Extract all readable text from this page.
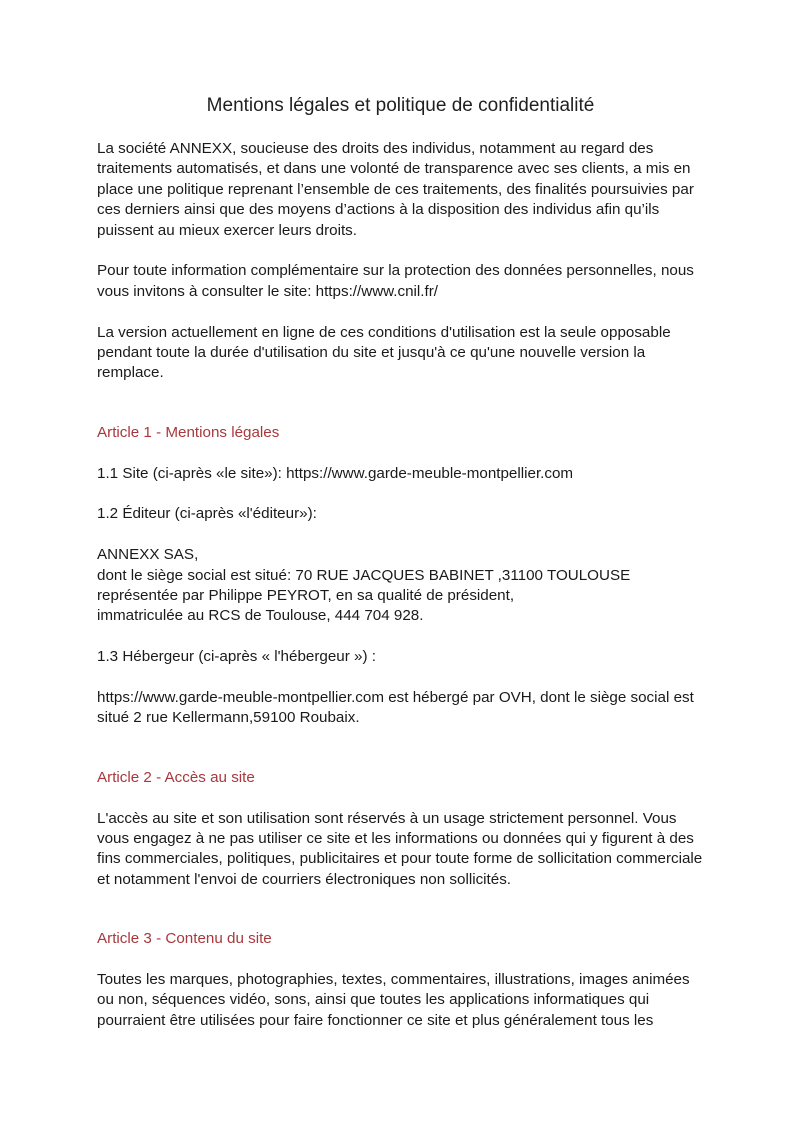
Mentions légales et politique de confidentialité

La société ANNEXX, soucieuse des droits des individus, notamment au regard des traitements automatisés, et dans une volonté de transparence avec ses clients, a mis en place une politique reprenant l’ensemble de ces traitements, des finalités poursuivies par ces derniers ainsi que des moyens d’actions à la disposition des individus afin qu’ils puissent au mieux exercer leurs droits.

Pour toute information complémentaire sur la protection des données personnelles, nous vous invitons à consulter le site: https://www.cnil.fr/

La version actuellement en ligne de ces conditions d'utilisation est la seule opposable pendant toute la durée d'utilisation du site et jusqu'à ce qu'une nouvelle version la remplace.

Article 1 - Mentions légales

1.1 Site (ci-après «le site»): https://www.garde-meuble-montpellier.com

1.2 Éditeur (ci-après «l'éditeur»):

ANNEXX SAS,
dont le siège social est situé: 70 RUE JACQUES BABINET ,31100 TOULOUSE
représentée par Philippe PEYROT, en sa qualité de président,
immatriculée au RCS de Toulouse, 444 704 928.

1.3 Hébergeur (ci-après « l'hébergeur ») :

https://www.garde-meuble-montpellier.com est hébergé par OVH, dont le siège social est situé 2 rue Kellermann,59100 Roubaix.

Article 2 - Accès au site

L'accès au site et son utilisation sont réservés à un usage strictement personnel. Vous vous engagez à ne pas utiliser ce site et les informations ou données qui y figurent à des fins commerciales, politiques, publicitaires et pour toute forme de sollicitation commerciale et notamment l'envoi de courriers électroniques non sollicités.

Article 3 - Contenu du site

Toutes les marques, photographies, textes, commentaires, illustrations, images animées ou non, séquences vidéo, sons, ainsi que toutes les applications informatiques qui pourraient être utilisées pour faire fonctionner ce site et plus généralement tous les
